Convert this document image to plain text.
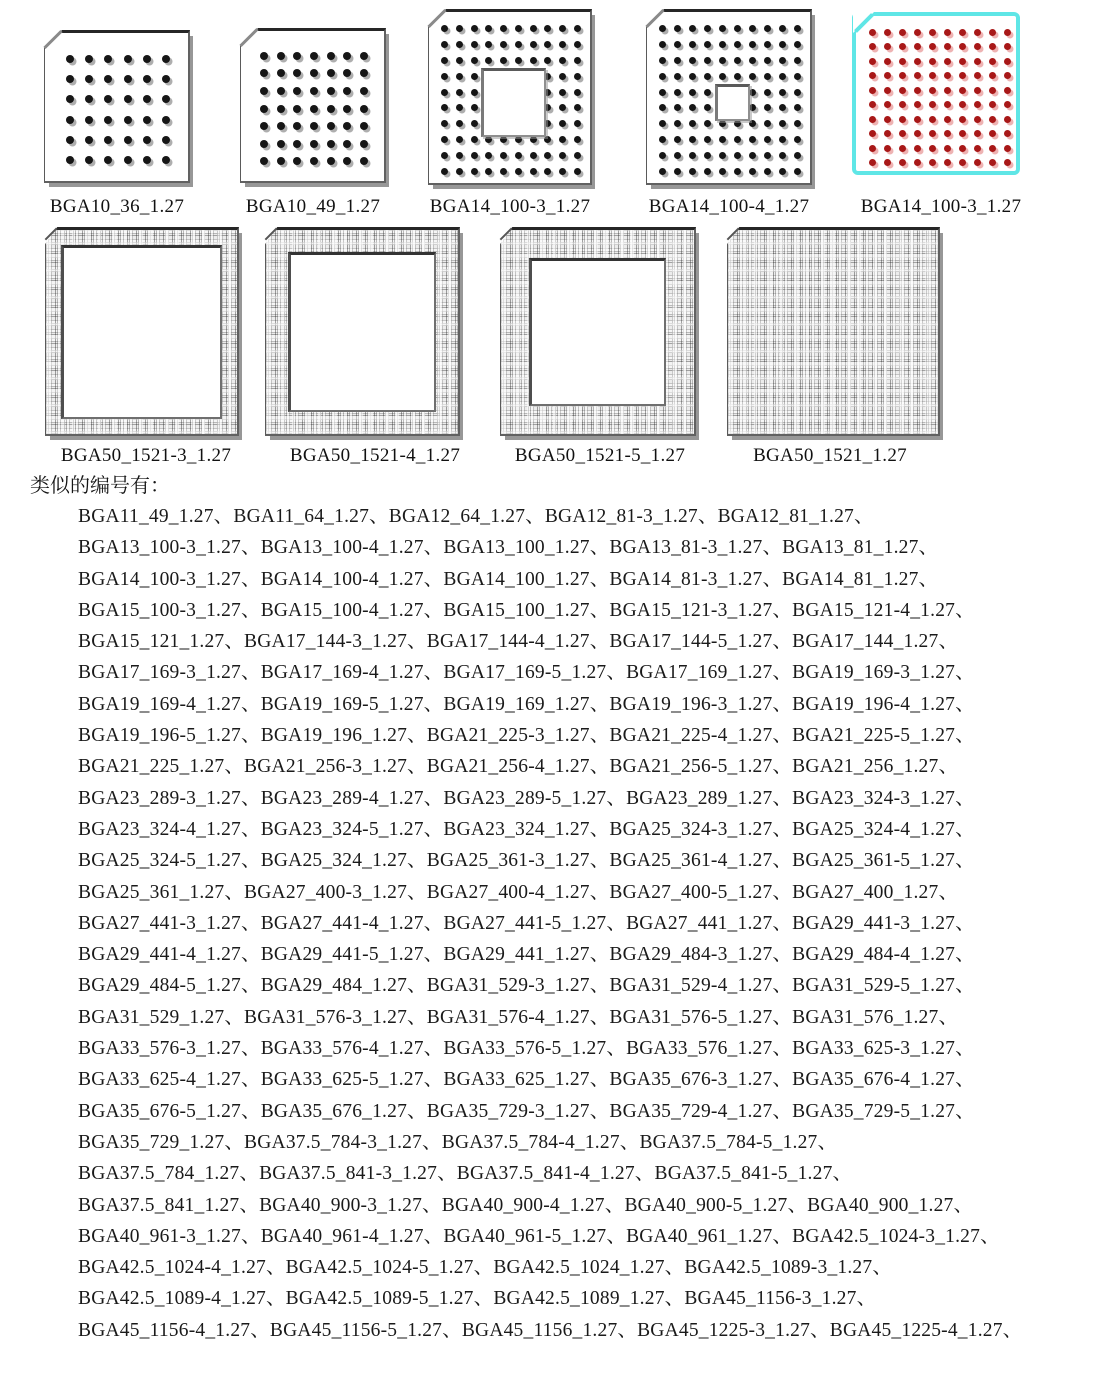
BGA10_36_1.27	BGA10_49_1.27	BGA14_100-3_1.27	BGA14_100-4_1.27	BGA14_100-3_1.27
BGA50_1521-3_1.27	BGA50_1521-4_1.27	BGA50_1521-5_1.27	BGA50_1521_1.27
类似的编号有：
BGA11_49_1.27、BGA11_64_1.27、BGA12_64_1.27、BGA12_81-3_1.27、BGA12_81_1.27、
BGA13_100-3_1.27、BGA13_100-4_1.27、BGA13_100_1.27、BGA13_81-3_1.27、BGA13_81_1.27、
BGA14_100-3_1.27、BGA14_100-4_1.27、BGA14_100_1.27、BGA14_81-3_1.27、BGA14_81_1.27、
BGA15_100-3_1.27、BGA15_100-4_1.27、BGA15_100_1.27、BGA15_121-3_1.27、BGA15_121-4_1.27、
BGA15_121_1.27、BGA17_144-3_1.27、BGA17_144-4_1.27、BGA17_144-5_1.27、BGA17_144_1.27、
BGA17_169-3_1.27、BGA17_169-4_1.27、BGA17_169-5_1.27、BGA17_169_1.27、BGA19_169-3_1.27、
BGA19_169-4_1.27、BGA19_169-5_1.27、BGA19_169_1.27、BGA19_196-3_1.27、BGA19_196-4_1.27、
BGA19_196-5_1.27、BGA19_196_1.27、BGA21_225-3_1.27、BGA21_225-4_1.27、BGA21_225-5_1.27、
BGA21_225_1.27、BGA21_256-3_1.27、BGA21_256-4_1.27、BGA21_256-5_1.27、BGA21_256_1.27、
BGA23_289-3_1.27、BGA23_289-4_1.27、BGA23_289-5_1.27、BGA23_289_1.27、BGA23_324-3_1.27、
BGA23_324-4_1.27、BGA23_324-5_1.27、BGA23_324_1.27、BGA25_324-3_1.27、BGA25_324-4_1.27、
BGA25_324-5_1.27、BGA25_324_1.27、BGA25_361-3_1.27、BGA25_361-4_1.27、BGA25_361-5_1.27、
BGA25_361_1.27、BGA27_400-3_1.27、BGA27_400-4_1.27、BGA27_400-5_1.27、BGA27_400_1.27、
BGA27_441-3_1.27、BGA27_441-4_1.27、BGA27_441-5_1.27、BGA27_441_1.27、BGA29_441-3_1.27、
BGA29_441-4_1.27、BGA29_441-5_1.27、BGA29_441_1.27、BGA29_484-3_1.27、BGA29_484-4_1.27、
BGA29_484-5_1.27、BGA29_484_1.27、BGA31_529-3_1.27、BGA31_529-4_1.27、BGA31_529-5_1.27、
BGA31_529_1.27、BGA31_576-3_1.27、BGA31_576-4_1.27、BGA31_576-5_1.27、BGA31_576_1.27、
BGA33_576-3_1.27、BGA33_576-4_1.27、BGA33_576-5_1.27、BGA33_576_1.27、BGA33_625-3_1.27、
BGA33_625-4_1.27、BGA33_625-5_1.27、BGA33_625_1.27、BGA35_676-3_1.27、BGA35_676-4_1.27、
BGA35_676-5_1.27、BGA35_676_1.27、BGA35_729-3_1.27、BGA35_729-4_1.27、BGA35_729-5_1.27、
BGA35_729_1.27、BGA37.5_784-3_1.27、BGA37.5_784-4_1.27、BGA37.5_784-5_1.27、
BGA37.5_784_1.27、BGA37.5_841-3_1.27、BGA37.5_841-4_1.27、BGA37.5_841-5_1.27、
BGA37.5_841_1.27、BGA40_900-3_1.27、BGA40_900-4_1.27、BGA40_900-5_1.27、BGA40_900_1.27、
BGA40_961-3_1.27、BGA40_961-4_1.27、BGA40_961-5_1.27、BGA40_961_1.27、BGA42.5_1024-3_1.27、
BGA42.5_1024-4_1.27、BGA42.5_1024-5_1.27、BGA42.5_1024_1.27、BGA42.5_1089-3_1.27、
BGA42.5_1089-4_1.27、BGA42.5_1089-5_1.27、BGA42.5_1089_1.27、BGA45_1156-3_1.27、
BGA45_1156-4_1.27、BGA45_1156-5_1.27、BGA45_1156_1.27、BGA45_1225-3_1.27、BGA45_1225-4_1.27、
